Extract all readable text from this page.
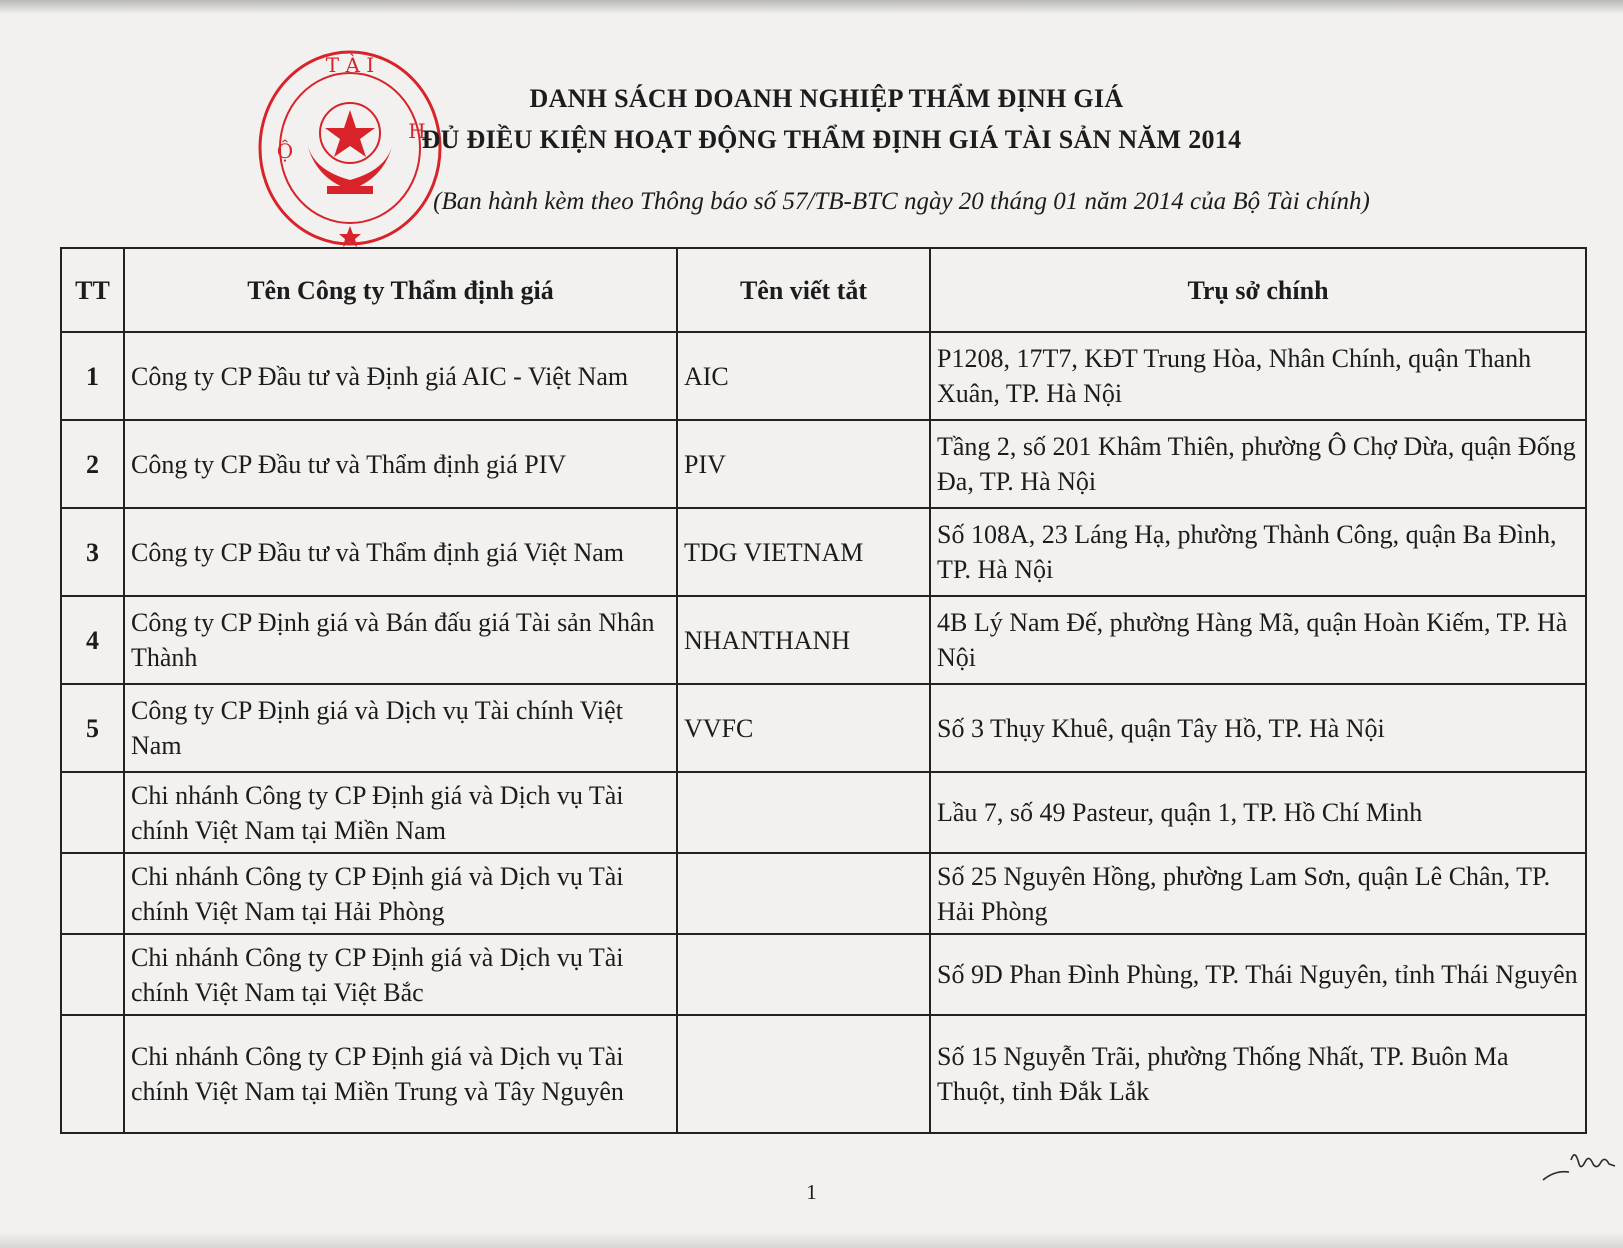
T À I
Ộ
H
DANH SÁCH DOANH NGHIỆP THẨM ĐỊNH GIÁ
ĐỦ ĐIỀU KIỆN HOẠT ĐỘNG THẨM ĐỊNH GIÁ TÀI SẢN NĂM 2014
(Ban hành kèm theo Thông báo số 57/TB-BTC ngày 20 tháng 01 năm 2014 của Bộ Tài chính)
TT	Tên Công ty Thẩm định giá	Tên viết tắt	Trụ sở chính
1	Công ty CP Đầu tư và Định giá AIC - Việt Nam	AIC	P1208, 17T7, KĐT Trung Hòa, Nhân Chính, quận Thanh Xuân, TP. Hà Nội
2	Công ty CP Đầu tư và Thẩm định giá PIV	PIV	Tầng 2, số 201 Khâm Thiên, phường Ô Chợ Dừa, quận Đống Đa, TP. Hà Nội
3	Công ty CP Đầu tư và Thẩm định giá Việt Nam	TDG VIETNAM	Số 108A, 23 Láng Hạ, phường Thành Công, quận Ba Đình, TP. Hà Nội
4	Công ty CP Định giá và Bán đấu giá Tài sản Nhân Thành	NHANTHANH	4B Lý Nam Đế, phường Hàng Mã, quận Hoàn Kiếm, TP. Hà Nội
5	Công ty CP Định giá và Dịch vụ Tài chính Việt Nam	VVFC	Số 3 Thụy Khuê, quận Tây Hồ, TP. Hà Nội
	Chi nhánh Công ty CP Định giá và Dịch vụ Tài chính Việt Nam tại Miền Nam		Lầu 7, số 49 Pasteur, quận 1, TP. Hồ Chí Minh
	Chi nhánh Công ty CP Định giá và Dịch vụ Tài chính Việt Nam tại Hải Phòng		Số 25 Nguyên Hồng, phường Lam Sơn, quận Lê Chân, TP. Hải Phòng
	Chi nhánh Công ty CP Định giá và Dịch vụ Tài chính Việt Nam tại Việt Bắc		Số 9D Phan Đình Phùng, TP. Thái Nguyên, tỉnh Thái Nguyên
	Chi nhánh Công ty CP Định giá và Dịch vụ Tài chính Việt Nam tại Miền Trung và Tây Nguyên		Số 15 Nguyễn Trãi, phường Thống Nhất, TP. Buôn Ma Thuột, tỉnh Đắk Lắk
1
